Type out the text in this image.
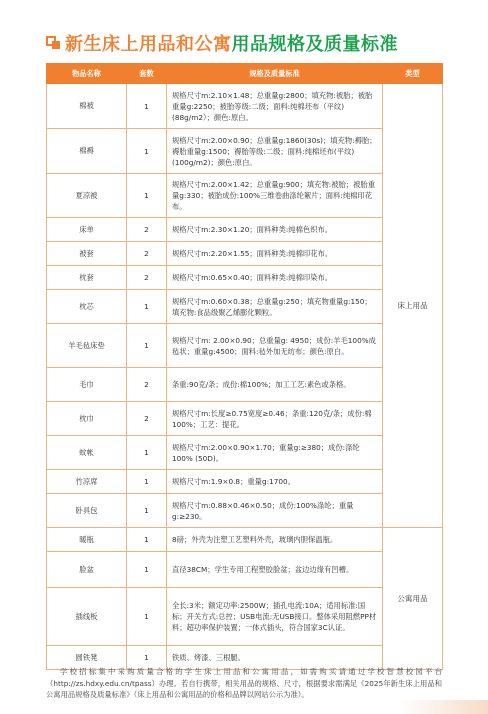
新生床上用品和公寓用品规格及质量标准
物品名称	套数	规格及质量标准	类型
棉被	1	规格尺寸m:2.10×1.48；总重量g:2800；填充物:被胎；被胎重量g:2250；被胎等级:二级；面料:纯棉坯布（平纹)(88g/m2）；颜色:原白。	床上用品
棉褥	1	规格尺寸m:2.00×0.90；总重量g:1860(30s)；填充物:褥胎；褥胎重量g:1500；褥胎等级:二级；面料:纯棉坯布(平纹)(100g/m2)；颜色:原白。	
夏凉被	1	规格尺寸m:2.00×1.42；总重量g:900；填充物:被胎；被胎重量g:330；被胎成份:100%三维卷曲涤纶絮片；面料:纯棉印花布。	
床单	2	规格尺寸m:2.30×1.20；面料种类:纯棉色织布。	
被套	2	规格尺寸m:2.20×1.55；面料种类:纯棉印花布。	
枕套	2	规格尺寸m:0.65×0.40；面料种类:纯棉印染布。	
枕芯	1	规格尺寸m:0.60×0.38；总重量g:250；填充物重量g:150；填充物:食品级聚乙烯膨化颗粒。	
羊毛毡床垫	1	规格尺寸m: 2.00×0.90；总重量g: 4950；成份:羊毛100%成毡状；重量g:4500；面料:毡外加无纺布；颜色:原白。	
毛巾	2	条重:90克/条；成份:棉100%；加工工艺:素色或条格。	
枕巾	2	规格尺寸m:长度≥0.75宽度≥0.46；条重:120克/条；成份:棉100%；工艺：提花。	
蚊帐	1	规格尺寸m:2.00×0.90×1.70；重量g:≥380；成份:涤纶100% (50D)。	
竹凉席	1	规格尺寸m:1.9×0.8；重量g:1700。	
卧具包	1	规格尺寸m:0.88×0.46×0.50；成份:100%涤纶；重量g:≥230。	
暖瓶	1	8磅；外壳为注塑工艺塑料外壳，玻璃内胆保温瓶。	公寓用品
脸盆	1	直径38CM；学生专用工程塑胶脸盆；盆边边缘有凹槽。	
插线板	1	全长:3米；额定功率:2500W；插孔电流:10A；适用标准:国标；开关方式:总控；USB电流:无USB接口。整体采用阻燃PP材料；超功率保护装置；一体式插头，符合国家3C认证。	
圆铁凳	1	铁质、烤漆、三根腿。	

学校招标集中采购质量合格的学生床上用品和公寓用品，如需购买请通过学校智慧校园平台（http://zs.hdxy.edu.cn/tpass）办理。若自行携带，相关用品的规格、尺寸，根据要求需满足《2025年新生床上用品和公寓用品规格及质量标准》（床上用品和公寓用品的价格和品牌以网站公示为准）。
